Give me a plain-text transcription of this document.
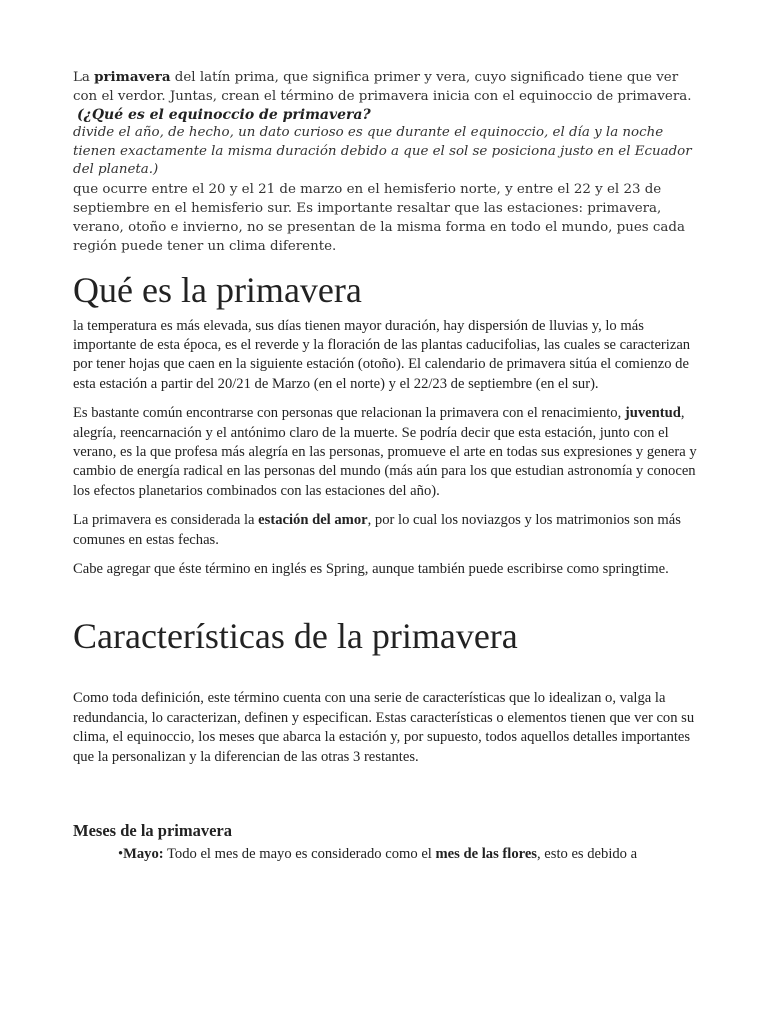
La primavera del latín prima, que significa primer y vera, cuyo significado tiene que ver con el verdor. Juntas, crean el término de primavera inicia con el equinoccio de primavera.

(¿Qué es el equinoccio de primavera?

divide el año, de hecho, un dato curioso es que durante el equinoccio, el día y la noche tienen exactamente la misma duración debido a que el sol se posiciona justo en el Ecuador del planeta.)

que ocurre entre el 20 y el 21 de marzo en el hemisferio norte, y entre el 22 y el 23 de septiembre en el hemisferio sur. Es importante resaltar que las estaciones: primavera, verano, otoño e invierno, no se presentan de la misma forma en todo el mundo, pues cada región puede tener un clima diferente.

Qué es la primavera

la temperatura es más elevada, sus días tienen mayor duración, hay dispersión de lluvias y, lo más importante de esta época, es el reverde y la floración de las plantas caducifolias, las cuales se caracterizan por tener hojas que caen en la siguiente estación (otoño). El calendario de primavera sitúa el comienzo de esta estación a partir del 20/21 de Marzo (en el norte) y el 22/23 de septiembre (en el sur).

Es bastante común encontrarse con personas que relacionan la primavera con el renacimiento, juventud, alegría, reencarnación y el antónimo claro de la muerte. Se podría decir que esta estación, junto con el verano, es la que profesa más alegría en las personas, promueve el arte en todas sus expresiones y genera y cambio de energía radical en las personas del mundo (más aún para los que estudian astronomía y conocen los efectos planetarios combinados con las estaciones del año).

La primavera es considerada la estación del amor, por lo cual los noviazgos y los matrimonios son más comunes en estas fechas.

Cabe agregar que éste término en inglés es Spring, aunque también puede escribirse como springtime.

Características de la primavera

Como toda definición, este término cuenta con una serie de características que lo idealizan o, valga la redundancia, lo caracterizan, definen y especifican. Estas características o elementos tienen que ver con su clima, el equinoccio, los meses que abarca la estación y, por supuesto, todos aquellos detalles importantes que la personalizan y la diferencian de las otras 3 restantes.

Meses de la primavera

•Mayo: Todo el mes de mayo es considerado como el mes de las flores, esto es debido a
